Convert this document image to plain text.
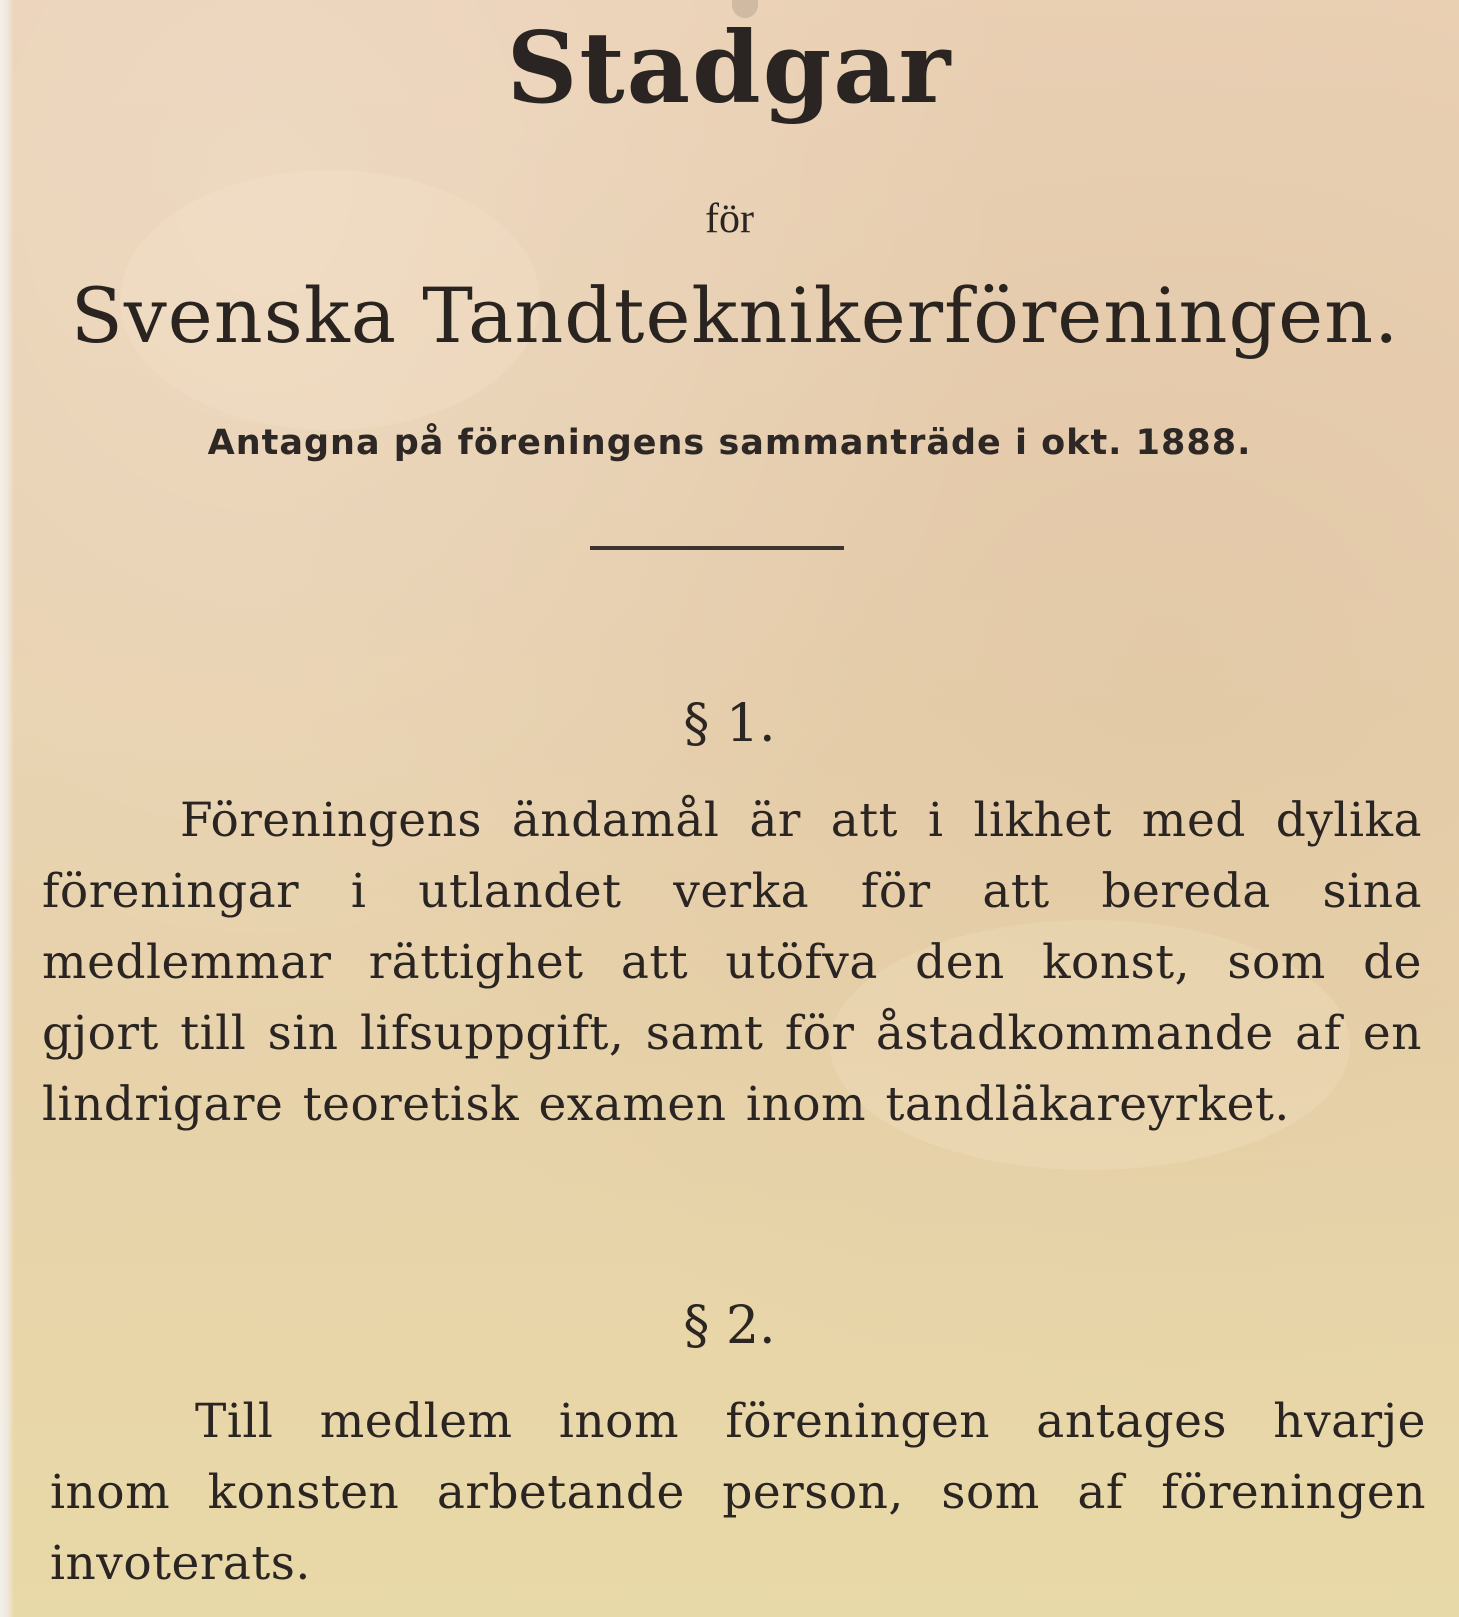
Stadgar
för
Svenska Tandteknikerföreningen.
Antagna på föreningens sammanträde i okt. 1888.
§ 1.

Föreningens ändamål är att i likhet med dylika föreningar i utlandet verka för att bereda sina medlemmar rättighet att utöfva den konst, som de gjort till sin lifsuppgift, samt för åstadkommande af en lindrigare teoretisk examen inom tandläkareyrket.

§ 2.

Till medlem inom föreningen antages hvarje inom konsten arbetande person, som af föreningen invoterats.
